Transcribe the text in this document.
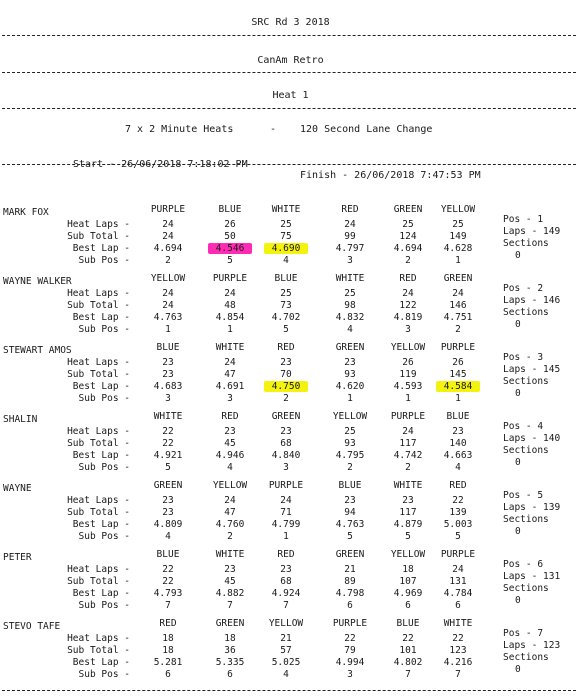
SRC Rd 3 2018
CanAm Retro
Heat 1
7 x 2 Minute Heats	- 120 Second Lane Change

Start - 26/06/2018 7:18:02 PM

Finish - 26/06/2018 7:47:53 PM

MARK FOX	PURPLE	BLUE	WHITE	RED	GREEN	YELLOW
Heat Laps -	24	26	25	24	25	25
Sub Total -	24	50	75	99	124	149
Best Lap -	4.694	4.546	4.690	4.797	4.694	4.628
Sub Pos -	2	5	4	3	2	1
Pos - 1
Laps - 149
Sections
0
WAYNE WALKER	YELLOW	PURPLE	BLUE	WHITE	RED	GREEN
Heat Laps -	24	24	25	25	24	24
Sub Total -	24	48	73	98	122	146
Best Lap -	4.763	4.854	4.702	4.832	4.819	4.751
Sub Pos -	1	1	5	4	3	2
Pos - 2
Laps - 146
Sections
0
STEWART AMOS	BLUE	WHITE	RED	GREEN	YELLOW	PURPLE
Heat Laps -	23	24	23	23	26	26
Sub Total -	23	47	70	93	119	145
Best Lap -	4.683	4.691	4.750	4.620	4.593	4.584
Sub Pos -	3	3	2	1	1	1
Pos - 3
Laps - 145
Sections
0
SHALIN	WHITE	RED	GREEN	YELLOW	PURPLE	BLUE
Heat Laps -	22	23	23	25	24	23
Sub Total -	22	45	68	93	117	140
Best Lap -	4.921	4.946	4.840	4.795	4.742	4.663
Sub Pos -	5	4	3	2	2	4
Pos - 4
Laps - 140
Sections
0
WAYNE	GREEN	YELLOW	PURPLE	BLUE	WHITE	RED
Heat Laps -	23	24	24	23	23	22
Sub Total -	23	47	71	94	117	139
Best Lap -	4.809	4.760	4.799	4.763	4.879	5.003
Sub Pos -	4	2	1	5	5	5
Pos - 5
Laps - 139
Sections
0
PETER	BLUE	WHITE	RED	GREEN	YELLOW	PURPLE
Heat Laps -	22	23	23	21	18	24
Sub Total -	22	45	68	89	107	131
Best Lap -	4.793	4.882	4.924	4.798	4.969	4.784
Sub Pos -	7	7	7	6	6	6
Pos - 6
Laps - 131
Sections
0
STEVO TAFE	RED	GREEN	YELLOW	PURPLE	BLUE	WHITE
Heat Laps -	18	18	21	22	22	22
Sub Total -	18	36	57	79	101	123
Best Lap -	5.281	5.335	5.025	4.994	4.802	4.216
Sub Pos -	6	6	4	3	7	7
Pos - 7
Laps - 123
Sections
0
